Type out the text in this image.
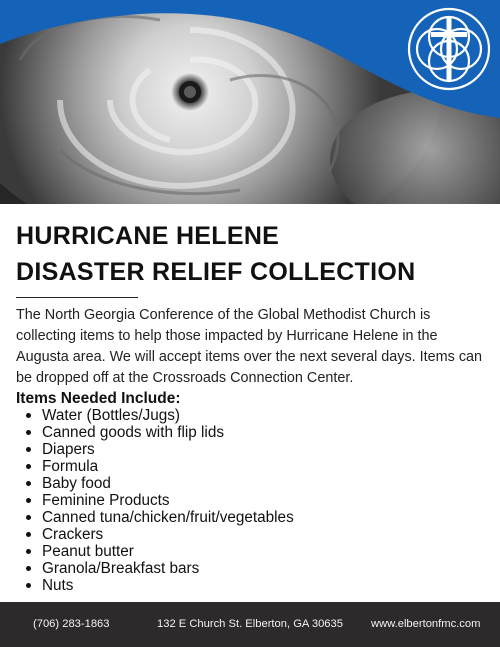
HURRICANE HELENE
DISASTER RELIEF COLLECTION
The North Georgia Conference of the Global Methodist Church is collecting items to help those impacted by Hurricane Helene in the Augusta area. We will accept items over the next several days. Items can be dropped off at the Crossroads Connection Center.
Items Needed Include:
Water (Bottles/Jugs)
Canned goods with flip lids
Diapers
Formula
Baby food
Feminine Products
Canned tuna/chicken/fruit/vegetables
Crackers
Peanut butter
Granola/Breakfast bars
Nuts
(706) 283-1863	132 E Church St. Elberton, GA 30635	www.elbertonfmc.com
